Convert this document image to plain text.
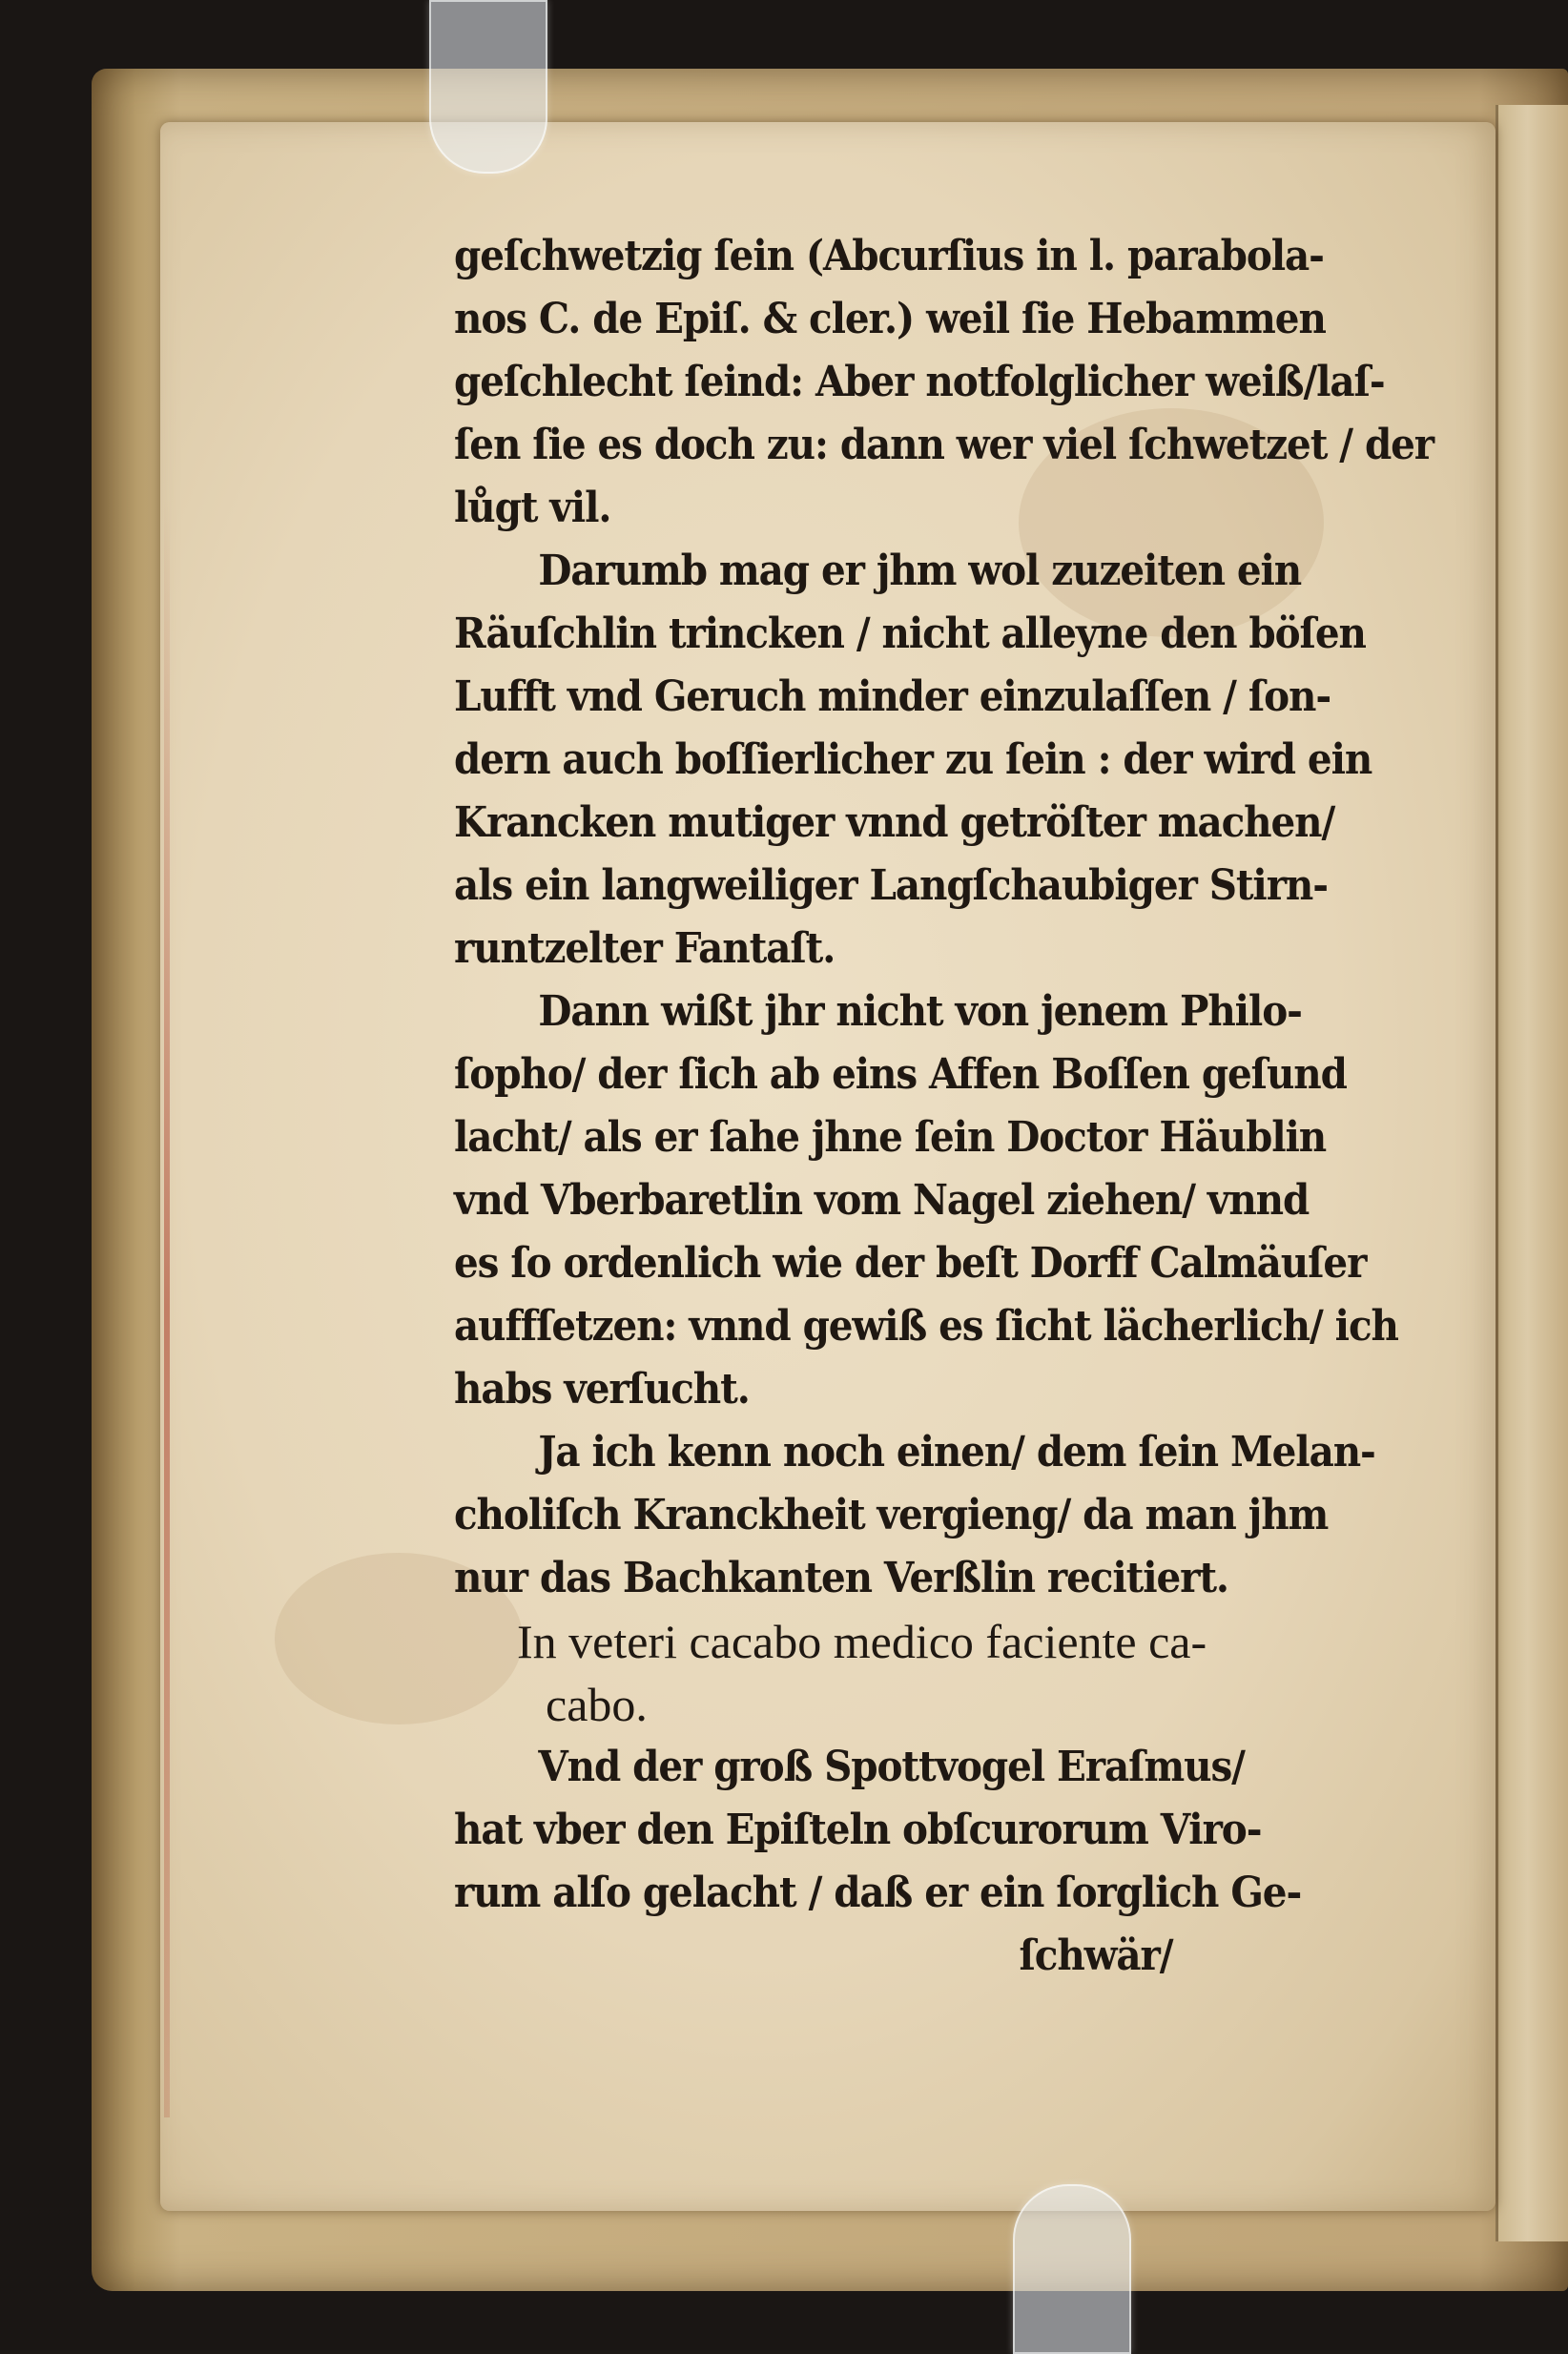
geſchwetzig ſein (Abcurſius in l. parabola-
nos C. de Epiſ. & cler.) weil ſie Hebammen
geſchlecht ſeind: Aber notfolglicher weiß/laſ-
ſen ſie es doch zu: dann wer viel ſchwetzet / der
lůgt vil.
Darumb mag er jhm wol zuzeiten ein
Räuſchlin trincken / nicht alleyne den böſen
Lufft vnd Geruch minder einzulaſſen / ſon-
dern auch boſſierlicher zu ſein : der wird ein
Krancken mutiger vnnd getröſter machen/
als ein langweiliger Langſchaubiger Stirn-
runtzelter Fantaſt.
Dann wißt jhr nicht von jenem Philo-
ſopho/ der ſich ab eins Affen Boſſen geſund
lacht/ als er ſahe jhne ſein Doctor Häublin
vnd Vberbaretlin vom Nagel ziehen/ vnnd
es ſo ordenlich wie der beſt Dorff Calmäuſer
auffſetzen: vnnd gewiß es ſicht lächerlich/ ich
habs verſucht.
Ja ich kenn noch einen/ dem ſein Melan-
choliſch Kranckheit vergieng/ da man jhm
nur das Bachkanten Verßlin recitiert.
In veteri cacabo medico faciente ca-
cabo.
Vnd der groß Spottvogel Eraſmus/
hat vber den Epiſteln obſcurorum Viro-
rum alſo gelacht / daß er ein ſorglich Ge-
ſchwär/
